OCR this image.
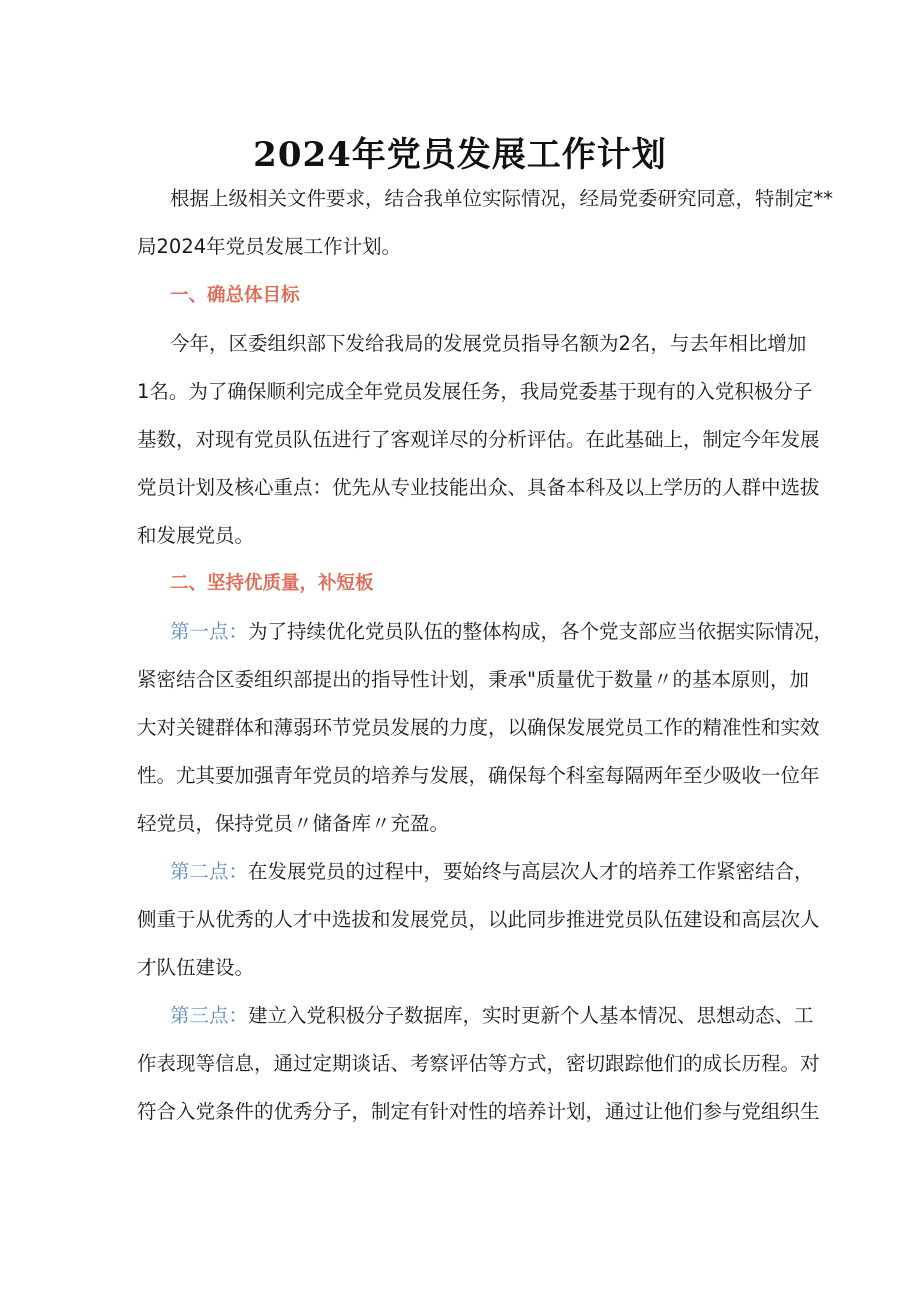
2024年党员发展工作计划

根据上级相关文件要求，结合我单位实际情况，经局党委研究同意，特制定**

局2024年党员发展工作计划。

一、确总体目标

今年，区委组织部下发给我局的发展党员指导名额为2名，与去年相比增加

1名。为了确保顺利完成全年党员发展任务，我局党委基于现有的入党积极分子

基数，对现有党员队伍进行了客观详尽的分析评估。在此基础上，制定今年发展

党员计划及核心重点：优先从专业技能出众、具备本科及以上学历的人群中选拔

和发展党员。

二、坚持优质量，补短板

第一点：为了持续优化党员队伍的整体构成，各个党支部应当依据实际情况，

紧密结合区委组织部提出的指导性计划，秉承"质量优于数量〃的基本原则，加

大对关键群体和薄弱环节党员发展的力度，以确保发展党员工作的精准性和实效

性。尤其要加强青年党员的培养与发展，确保每个科室每隔两年至少吸收一位年

轻党员，保持党员〃储备库〃充盈。

第二点：在发展党员的过程中，要始终与高层次人才的培养工作紧密结合，

侧重于从优秀的人才中选拔和发展党员，以此同步推进党员队伍建设和高层次人

才队伍建设。

第三点：建立入党积极分子数据库，实时更新个人基本情况、思想动态、工

作表现等信息，通过定期谈话、考察评估等方式，密切跟踪他们的成长历程。对

符合入党条件的优秀分子，制定有针对性的培养计划，通过让他们参与党组织生
